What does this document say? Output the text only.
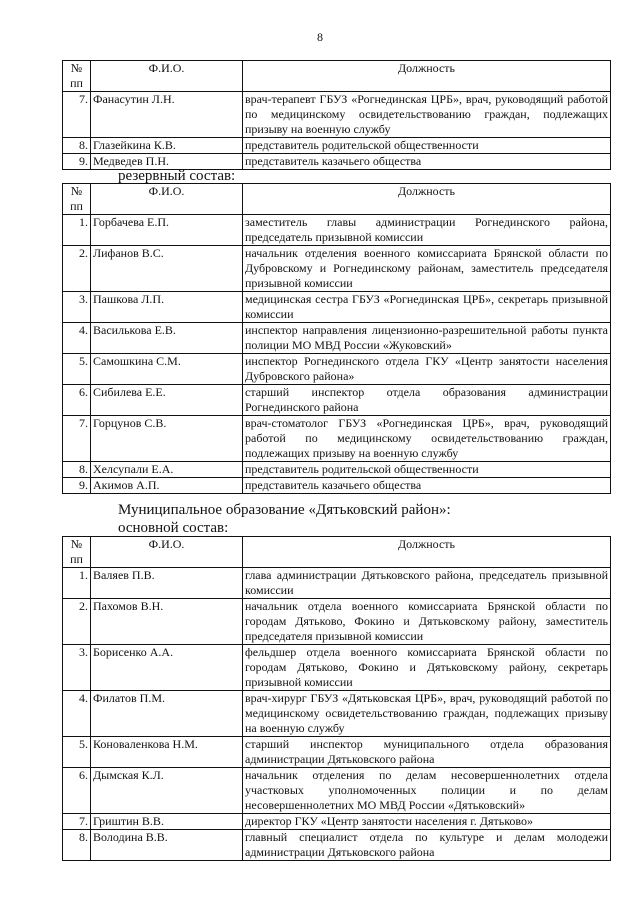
8
№ пп	Ф.И.О.	Должность
7.	Фанасутин Л.Н.	врач-терапевт ГБУЗ «Рогнединская ЦРБ», врач, руководящий работой по медицинскому освидетельствованию граждан, подлежащих призыву на военную службу
8.	Глазейкина К.В.	представитель родительской общественности
9.	Медведев П.Н.	представитель казачьего общества
резервный состав:
№ пп	Ф.И.О.	Должность
1.	Горбачева Е.П.	заместитель главы администрации Рогнединского района, председатель призывной комиссии
2.	Лифанов В.С.	начальник отделения военного комиссариата Брянской области по Дубровскому и Рогнединскому районам, заместитель председателя призывной комиссии
3.	Пашкова Л.П.	медицинская сестра ГБУЗ «Рогнединская ЦРБ», секретарь призывной комиссии
4.	Василькова Е.В.	инспектор направления лицензионно-разрешительной работы пункта полиции МО МВД России «Жуковский»
5.	Самошкина С.М.	инспектор Рогнединского отдела ГКУ «Центр занятости населения Дубровского района»
6.	Сибилева Е.Е.	старший инспектор отдела образования администрации Рогнединского района
7.	Горцунов С.В.	врач-стоматолог ГБУЗ «Рогнединская ЦРБ», врач, руководящий работой по медицинскому освидетельствованию граждан, подлежащих призыву на военную службу
8.	Хелсупали Е.А.	представитель родительской общественности
9.	Акимов А.П.	представитель казачьего общества
Муниципальное образование «Дятьковский район»:
основной состав:
№ пп	Ф.И.О.	Должность
1.	Валяев П.В.	глава администрации Дятьковского района, председатель призывной комиссии
2.	Пахомов В.Н.	начальник отдела военного комиссариата Брянской области по городам Дятьково, Фокино и Дятьковскому району, заместитель председателя призывной комиссии
3.	Борисенко А.А.	фельдшер отдела военного комиссариата Брянской области по городам Дятьково, Фокино и Дятьковскому району, секретарь призывной комиссии
4.	Филатов П.М.	врач-хирург ГБУЗ «Дятьковская ЦРБ», врач, руководящий работой по медицинскому освидетельствованию граждан, подлежащих призыву на военную службу
5.	Коноваленкова Н.М.	старший инспектор муниципального отдела образования администрации Дятьковского района
6.	Дымская К.Л.	начальник отделения по делам несовершеннолетних отдела участковых уполномоченных полиции и по делам несовершеннолетних МО МВД России «Дятьковский»
7.	Гриштин В.В.	директор ГКУ «Центр занятости населения г. Дятьково»
8.	Володина В.В.	главный специалист отдела по культуре и делам молодежи администрации Дятьковского района
